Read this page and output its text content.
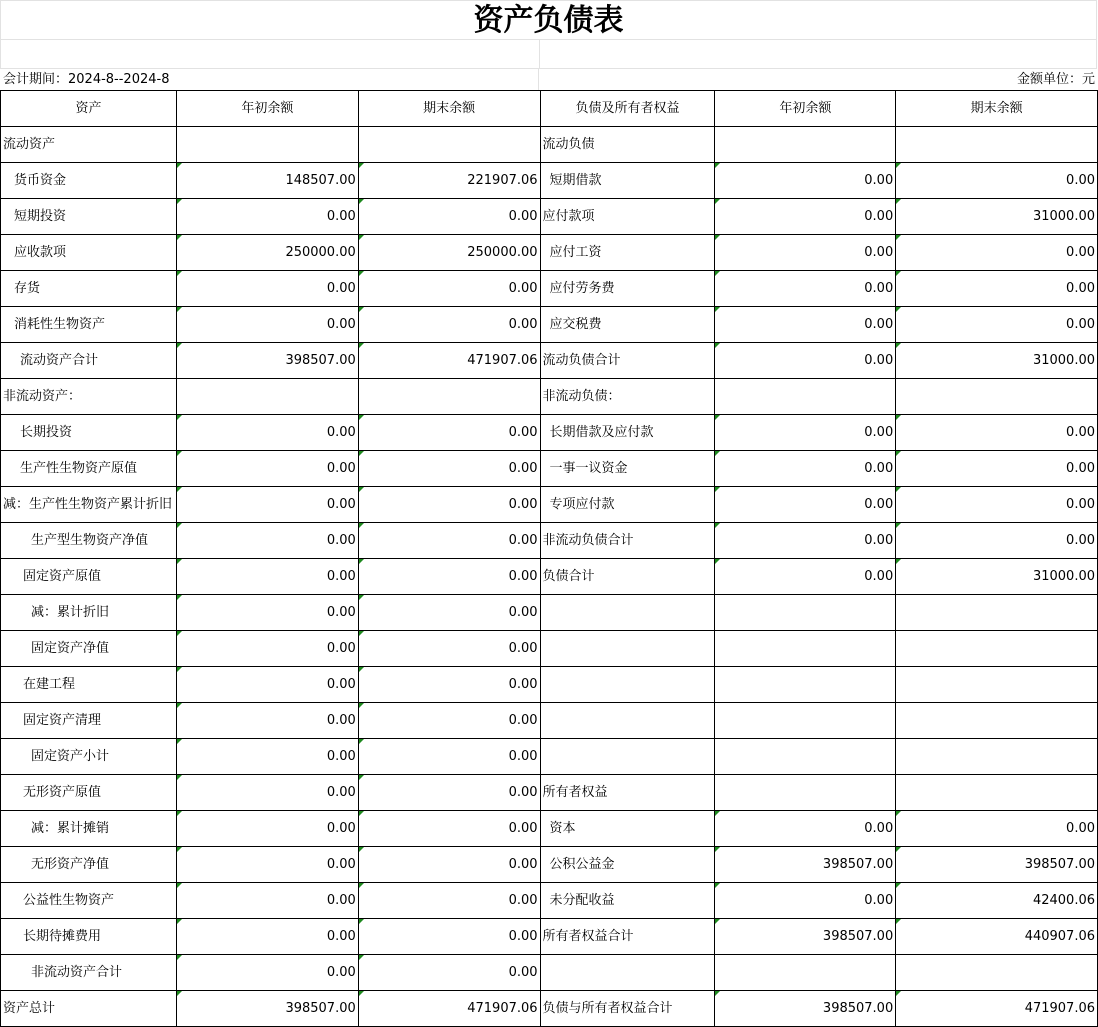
资产负债表
会计期间：2024-8--2024-8	金额单位：元
资产	年初余额	期末余额	负债及所有者权益	年初余额	期末余额
流动资产			流动负债		
货币资金	148507.00	221907.06	短期借款	0.00	0.00
短期投资	0.00	0.00	应付款项	0.00	31000.00
应收款项	250000.00	250000.00	应付工资	0.00	0.00
存货	0.00	0.00	应付劳务费	0.00	0.00
消耗性生物资产	0.00	0.00	应交税费	0.00	0.00
流动资产合计	398507.00	471907.06	流动负债合计	0.00	31000.00
非流动资产：			非流动负债：		
长期投资	0.00	0.00	长期借款及应付款	0.00	0.00
生产性生物资产原值	0.00	0.00	一事一议资金	0.00	0.00
减：生产性生物资产累计折旧	0.00	0.00	专项应付款	0.00	0.00
生产型生物资产净值	0.00	0.00	非流动负债合计	0.00	0.00
固定资产原值	0.00	0.00	负债合计	0.00	31000.00
减：累计折旧	0.00	0.00			
固定资产净值	0.00	0.00			
在建工程	0.00	0.00			
固定资产清理	0.00	0.00			
固定资产小计	0.00	0.00			
无形资产原值	0.00	0.00	所有者权益		
减：累计摊销	0.00	0.00	资本	0.00	0.00
无形资产净值	0.00	0.00	公积公益金	398507.00	398507.00
公益性生物资产	0.00	0.00	未分配收益	0.00	42400.06
长期待摊费用	0.00	0.00	所有者权益合计	398507.00	440907.06
非流动资产合计	0.00	0.00			
资产总计	398507.00	471907.06	负债与所有者权益合计	398507.00	471907.06
